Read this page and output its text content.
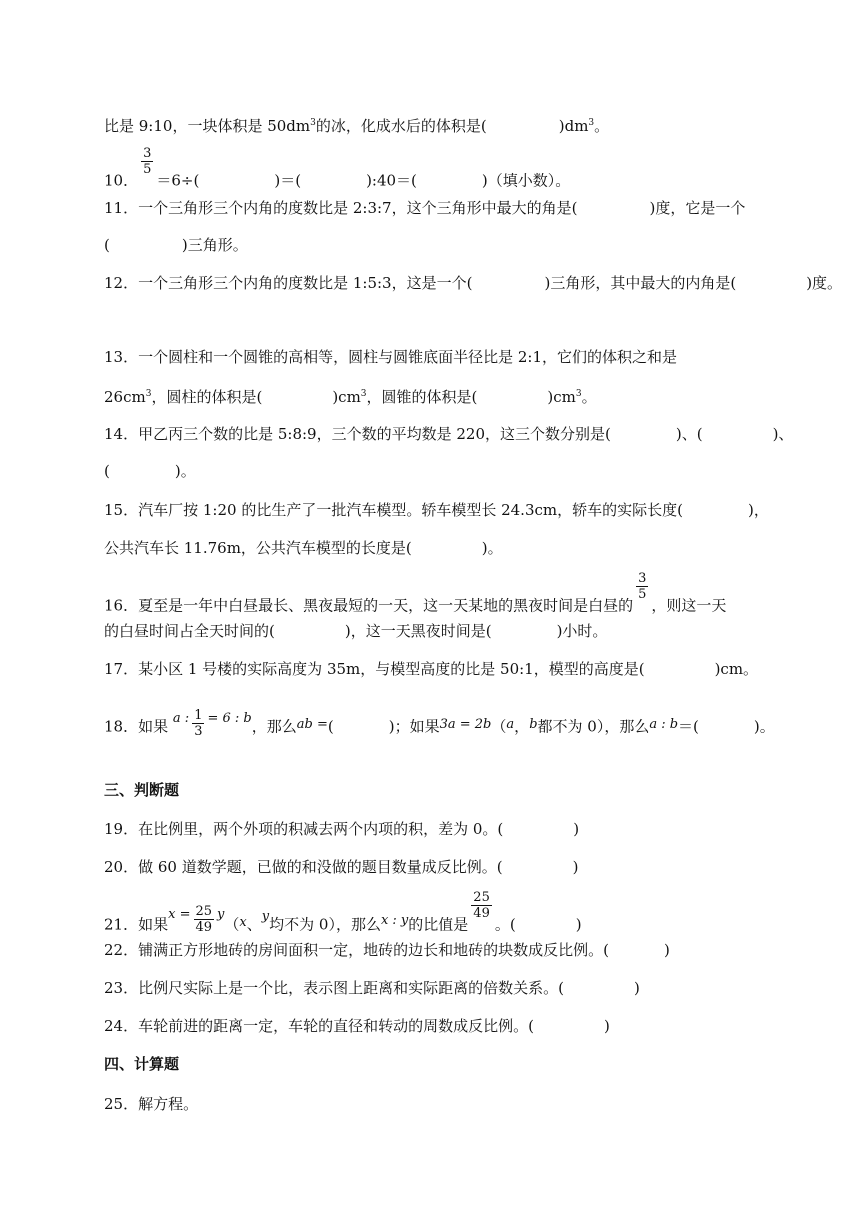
比是 9:10，一块体积是 $50dm^3$的冰，化成水后的体积是(	)$dm^3$。
10．
$\frac{3}{5}$
＝6÷(	)＝(	):40＝(	)（填小数）。
11．一个三角形三个内角的度数比是 2:3:7，这个三角形中最大的角是(	)度，它是一个
(	)三角形。
12．一个三角形三个内角的度数比是 1:5:3，这是一个(	)三角形，其中最大的内角是(	)度。
13．一个圆柱和一个圆锥的高相等，圆柱与圆锥底面半径比是 2:1，它们的体积之和是
$26cm^3$，圆柱的体积是(	)$cm^3$，圆锥的体积是(	)$cm^3$。
14．甲乙丙三个数的比是 5:8:9，三个数的平均数是 220，这三个数分别是(	)、(	)、
(	)。
15．汽车厂按 1:20 的比生产了一批汽车模型。轿车模型长 24.3cm，轿车的实际长度(	)，
公共汽车长 11.76m，公共汽车模型的长度是(	)。
16．夏至是一年中白昼最长、黑夜最短的一天，这一天某地的黑夜时间是白昼的
$\frac{3}{5}$
，则这一天
的白昼时间占全天时间的(	)，这一天黑夜时间是(	)小时。
17．某小区 1 号楼的实际高度为 35m，与模型高度的比是 50:1，模型的高度是(	)cm。
18．如果 a : $\frac{1}{3} = 6$ : b，那么ab =(	)；如果3a = 2b（a，b都不为 0），那么a : b＝(	)。
三、判断题
19．在比例里，两个外项的积减去两个内项的积，差为 0。(	)
20．做 60 道数学题，已做的和没做的题目数量成反比例。(	)
21．如果$x = \frac{25}{49} y(x$、y均不为 0），那么x : y的比值是
$\frac{25}{49}$
。(	)
22．铺满正方形地砖的房间面积一定，地砖的边长和地砖的块数成反比例。(	)
23．比例尺实际上是一个比，表示图上距离和实际距离的倍数关系。(	)
24．车轮前进的距离一定，车轮的直径和转动的周数成反比例。(	)
四、计算题
25．解方程。
